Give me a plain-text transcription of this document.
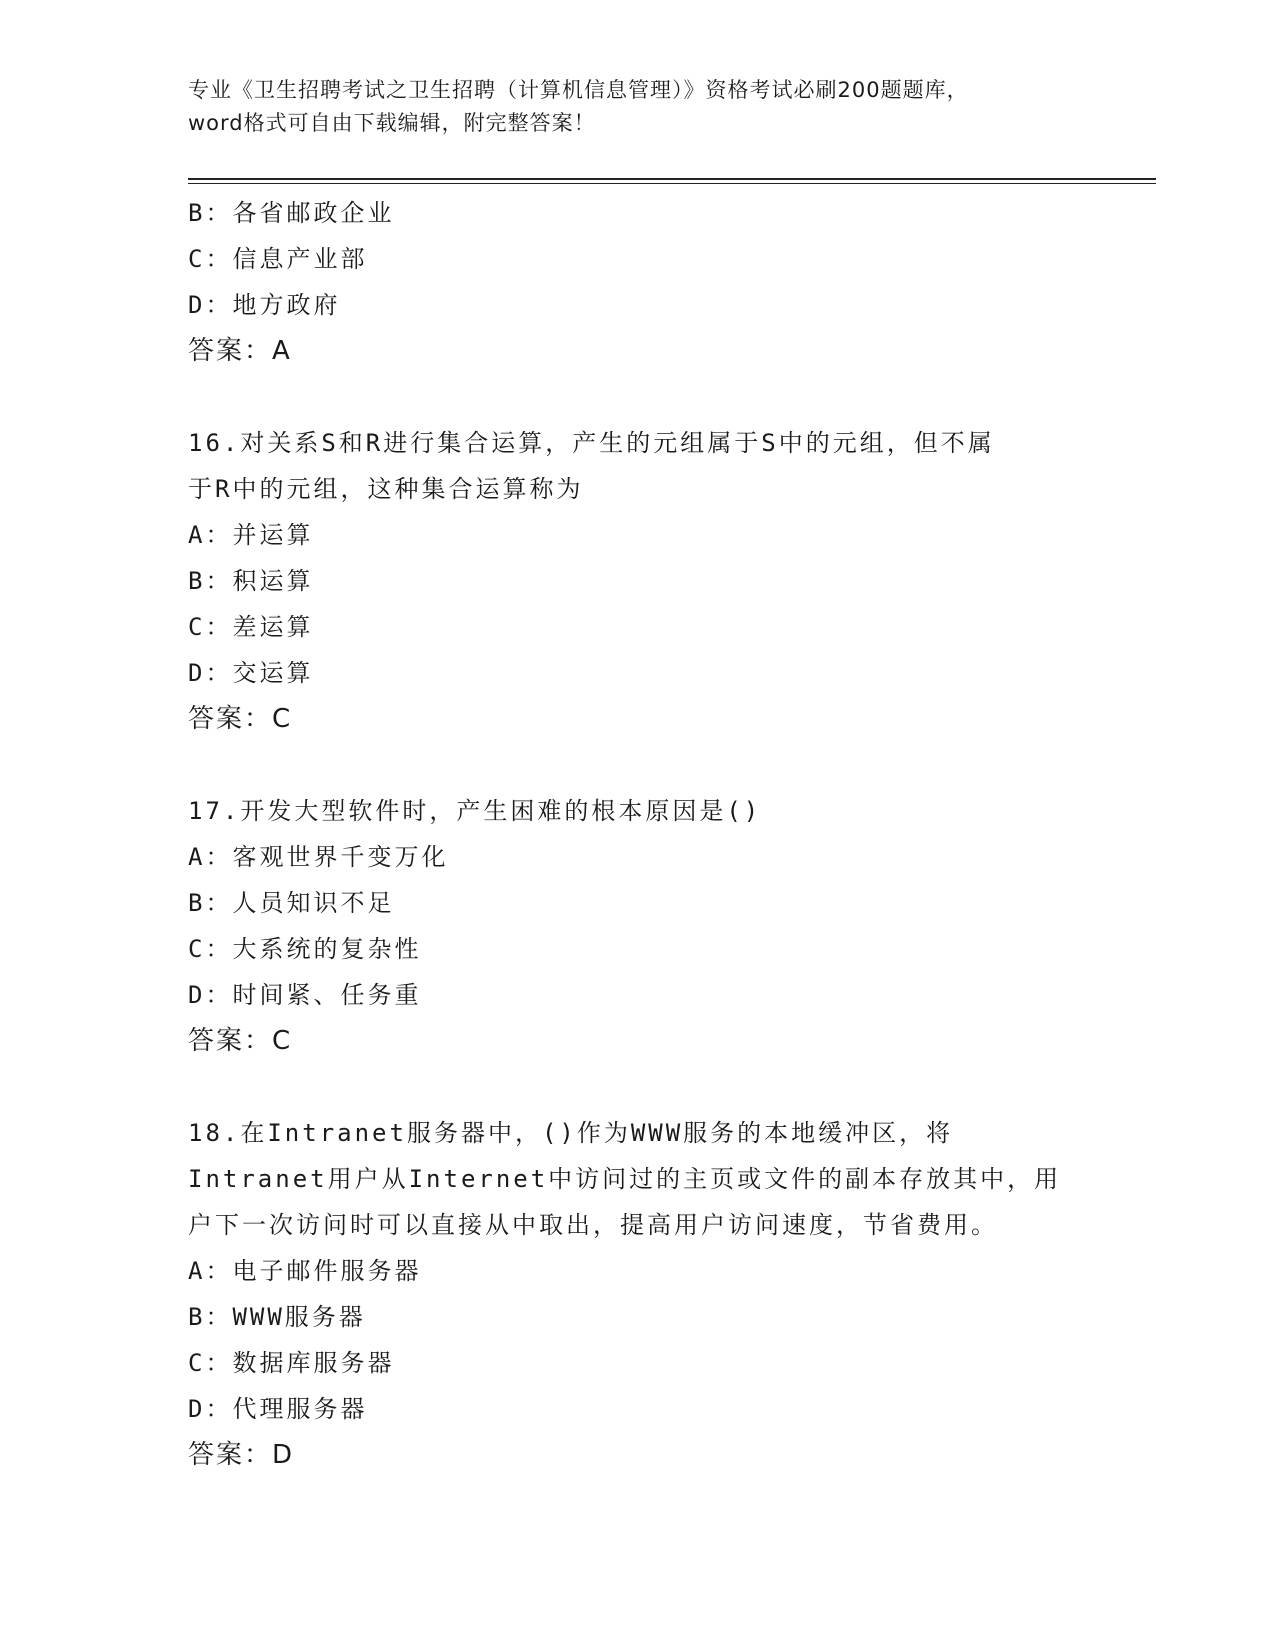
专业《卫生招聘考试之卫生招聘（计算机信息管理）》资格考试必刷200题题库，
word格式可自由下载编辑，附完整答案！
B：各省邮政企业
C：信息产业部
D：地方政府
答案：A
16.对关系S和R进行集合运算，产生的元组属于S中的元组，但不属
于R中的元组，这种集合运算称为
A：并运算
B：积运算
C：差运算
D：交运算
答案：C
17.开发大型软件时，产生困难的根本原因是()
A：客观世界千变万化
B：人员知识不足
C：大系统的复杂性
D：时间紧、任务重
答案：C
18.在Intranet服务器中，()作为WWW服务的本地缓冲区，将
Intranet用户从Internet中访问过的主页或文件的副本存放其中，用
户下一次访问时可以直接从中取出，提高用户访问速度，节省费用。
A：电子邮件服务器
B：WWW服务器
C：数据库服务器
D：代理服务器
答案：D
